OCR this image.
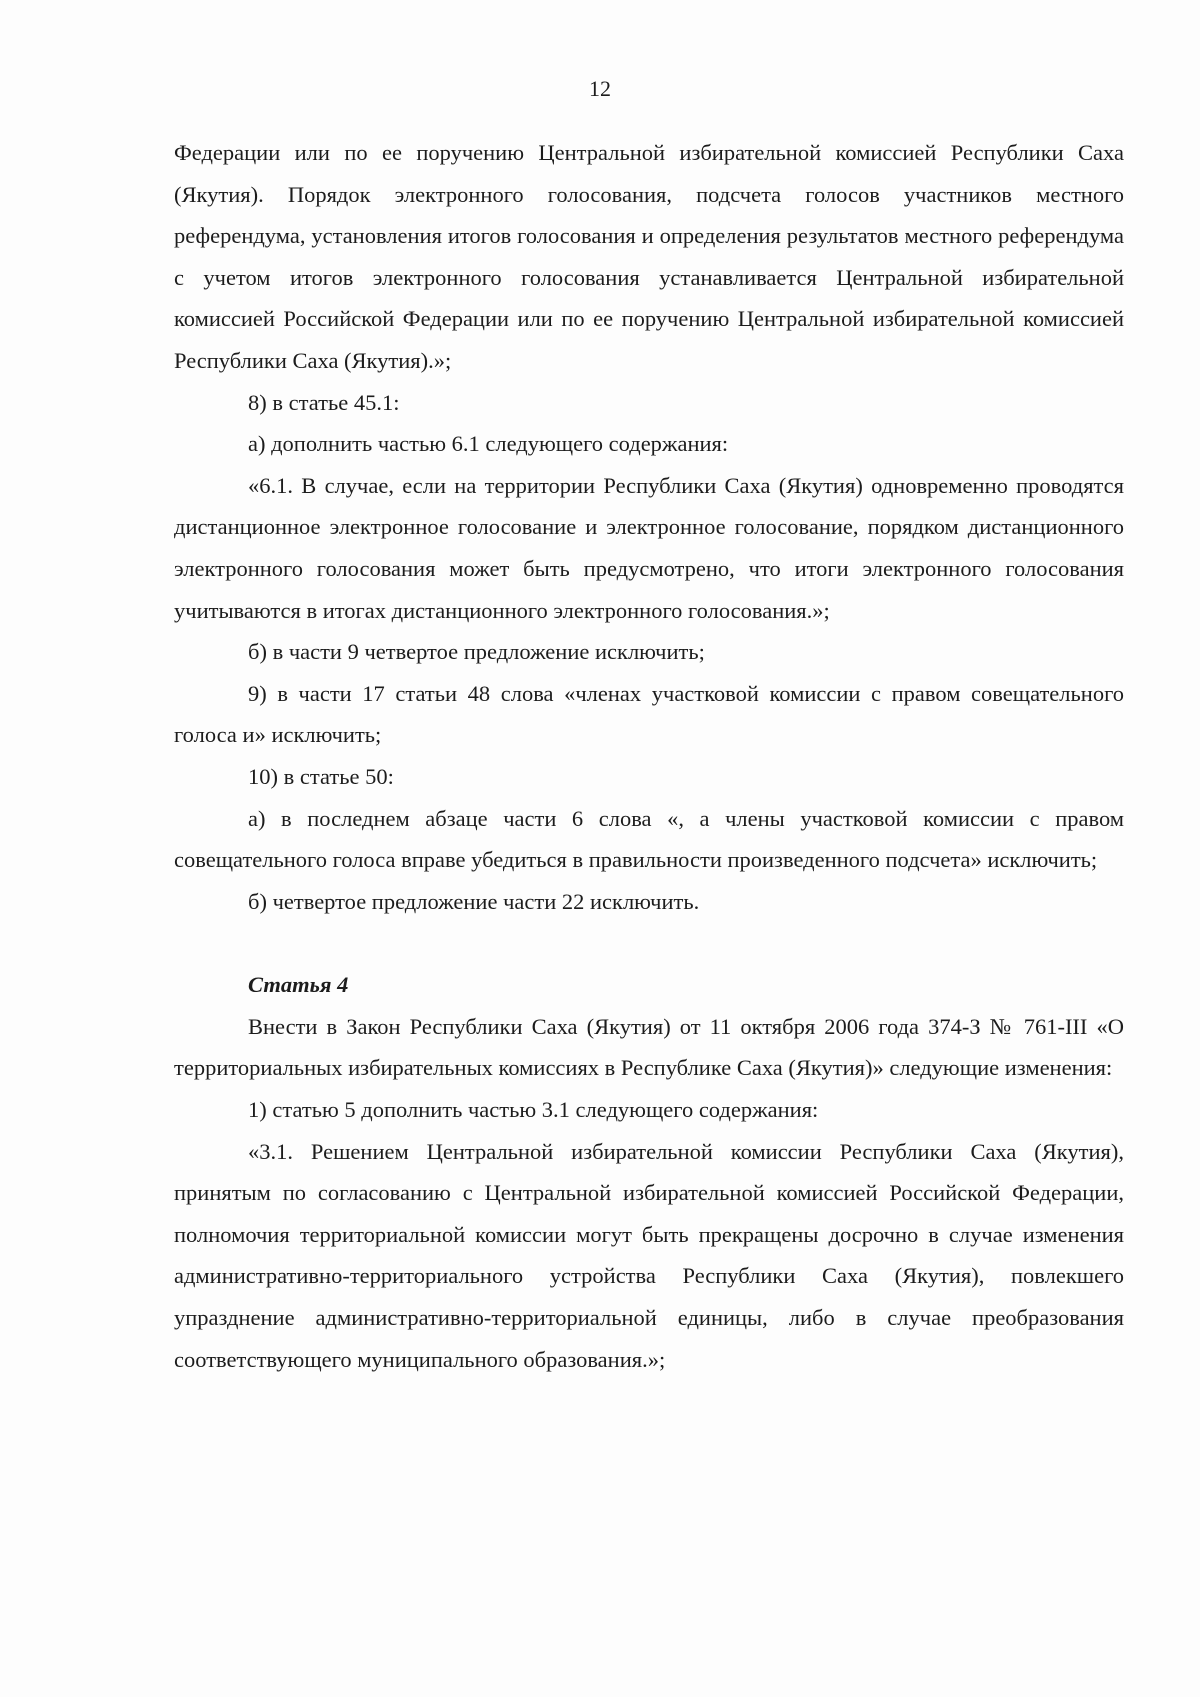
12

Федерации или по ее поручению Центральной избирательной комиссией Республики Саха (Якутия). Порядок электронного голосования, подсчета голосов участников местного референдума, установления итогов голосования и определения результатов местного референдума с учетом итогов электронного голосования устанавливается Центральной избирательной комиссией Российской Федерации или по ее поручению Центральной избирательной комиссией Республики Саха (Якутия).»;

8) в статье 45.1:

а) дополнить частью 6.1 следующего содержания:

«6.1. В случае, если на территории Республики Саха (Якутия) одновременно проводятся дистанционное электронное голосование и электронное голосование, порядком дистанционного электронного голосования может быть предусмотрено, что итоги электронного голосования учитываются в итогах дистанционного электронного голосования.»;

б) в части 9 четвертое предложение исключить;

9) в части 17 статьи 48 слова «членах участковой комиссии с правом совещательного голоса и» исключить;

10) в статье 50:

а) в последнем абзаце части 6 слова «, а члены участковой комиссии с правом совещательного голоса вправе убедиться в правильности произведенного подсчета» исключить;

б) четвертое предложение части 22 исключить.

Статья 4

Внести в Закон Республики Саха (Якутия) от 11 октября 2006 года 374-З № 761-III «О территориальных избирательных комиссиях в Республике Саха (Якутия)» следующие изменения:

1) статью 5 дополнить частью 3.1 следующего содержания:

«3.1. Решением Центральной избирательной комиссии Республики Саха (Якутия), принятым по согласованию с Центральной избирательной комиссией Российской Федерации, полномочия территориальной комиссии могут быть прекращены досрочно в случае изменения административно-территориального устройства Республики Саха (Якутия), повлекшего упразднение административно-территориальной единицы, либо в случае преобразования соответствующего муниципального образования.»;
